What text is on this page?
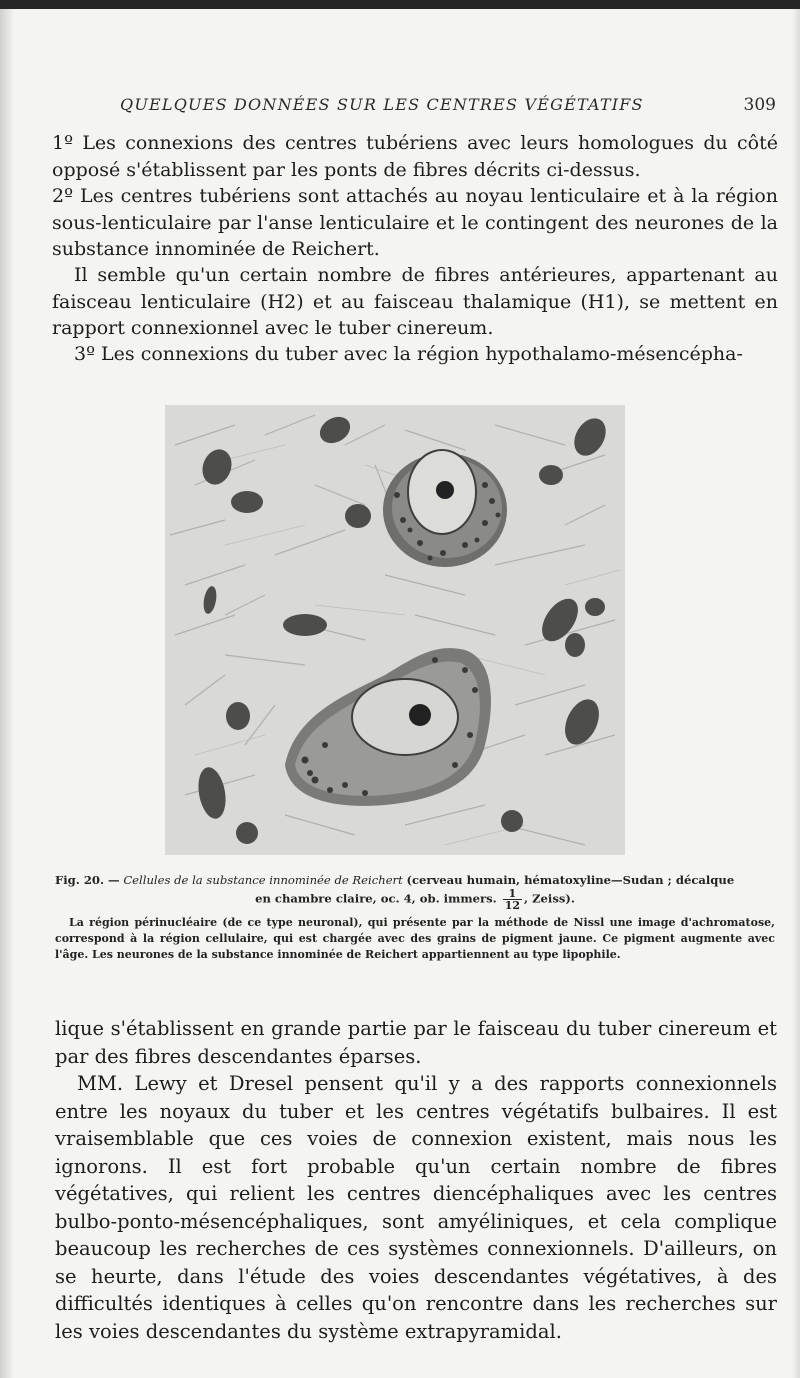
QUELQUES DONNÉES SUR LES CENTRES VÉGÉTATIFS	309

1º Les connexions des centres tubériens avec leurs homologues du côté opposé s'établissent par les ponts de fibres décrits ci-dessus.

2º Les centres tubériens sont attachés au noyau lenticulaire et à la région sous-lenticulaire par l'anse lenticulaire et le contingent des neurones de la substance innominée de Reichert.

Il semble qu'un certain nombre de fibres antérieures, appartenant au faisceau lenticulaire (H2) et au faisceau thalamique (H1), se mettent en rapport connexionnel avec le tuber cinereum.

3º Les connexions du tuber avec la région hypothalamo-mésencépha-

Fig. 20. — Cellules de la substance innominée de Reichert (cerveau humain, hématoxyline—Sudan ; décalque

en chambre claire, oc. 4, ob. immers. $\frac{1}{12}$ , Zeiss).

La région périnucléaire (de ce type neuronal), qui présente par la méthode de Nissl une image d'achromatose, correspond à la région cellulaire, qui est chargée avec des grains de pigment jaune. Ce pigment augmente avec l'âge. Les neurones de la substance innominée de Reichert appartiennent au type lipophile.

lique s'établissent en grande partie par le faisceau du tuber cinereum et par des fibres descendantes éparses.

MM. Lewy et Dresel pensent qu'il y a des rapports connexionnels entre les noyaux du tuber et les centres végétatifs bulbaires. Il est vraisemblable que ces voies de connexion existent, mais nous les ignorons. Il est fort probable qu'un certain nombre de fibres végétatives, qui relient les centres diencéphaliques avec les centres bulbo-ponto-mésencéphaliques, sont amyéliniques, et cela complique beaucoup les recherches de ces systèmes connexionnels. D'ailleurs, on se heurte, dans l'étude des voies descendantes végétatives, à des difficultés identiques à celles qu'on rencontre dans les recherches sur les voies descendantes du système extrapyramidal.
